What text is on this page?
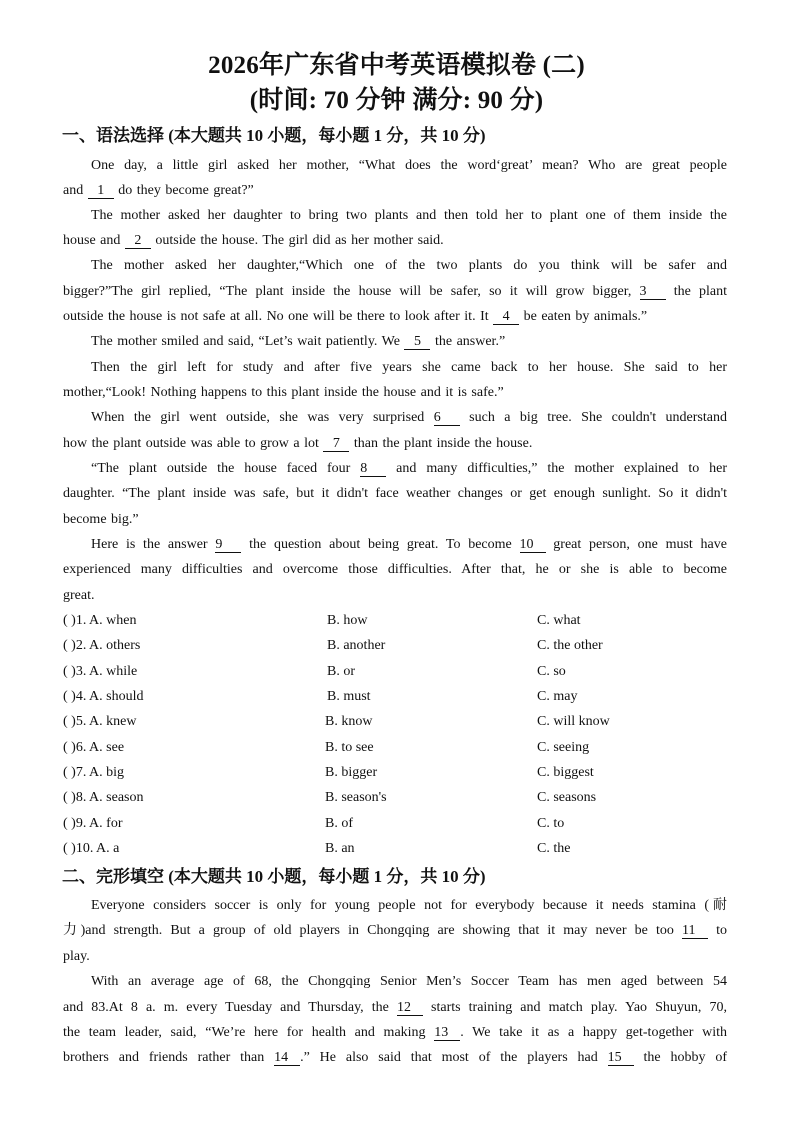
2026年广东省中考英语模拟卷 (二)
(时间: 70 分钟 满分: 90 分)
一、语法选择 (本大题共 10 小题，每小题 1 分，共 10 分)
One day, a little girl asked her mother, “What does the word‘great’ mean? Who are great people
and 1 do they become great?”
The mother asked her daughter to bring two plants and then told her to plant one of them inside the
house and 2 outside the house. The girl did as her mother said.
The mother asked her daughter,“Which one of the two plants do you think will be safer and
bigger?”The girl replied, “The plant inside the house will be safer, so it will grow bigger, 3 the plant
outside the house is not safe at all. No one will be there to look after it. It 4 be eaten by animals.”
The mother smiled and said, “Let’s wait patiently. We 5 the answer.”
Then the girl left for study and after five years she came back to her house. She said to her
mother,“Look! Nothing happens to this plant inside the house and it is safe.”
When the girl went outside, she was very surprised 6 such a big tree. She couldn't understand
how the plant outside was able to grow a lot 7 than the plant inside the house.
“The plant outside the house faced four 8 and many difficulties,” the mother explained to her
daughter. “The plant inside was safe, but it didn't face weather changes or get enough sunlight. So it didn't
become big.”
Here is the answer 9 the question about being great. To become 10 great person, one must have
experienced many difficulties and overcome those difficulties. After that, he or she is able to become
great.
( )1. A. when	B. how	C. what
( )2. A. others	B. another	C. the other
( )3. A. while	B. or	C. so
( )4. A. should	B. must	C. may
( )5. A. knew	B. know	C. will know
( )6. A. see	B. to see	C. seeing
( )7. A. big	B. bigger	C. biggest
( )8. A. season	B. season's	C. seasons
( )9. A. for	B. of	C. to
( )10. A. a	B. an	C. the
二、完形填空 (本大题共 10 小题，每小题 1 分，共 10 分)
Everyone considers soccer is only for young people not for everybody because it needs stamina (耐
力)and strength. But a group of old players in Chongqing are showing that it may never be too 11 to
play.
With an average age of 68, the Chongqing Senior Men’s Soccer Team has men aged between 54
and 83.At 8 a. m. every Tuesday and Thursday, the 12 starts training and match play. Yao Shuyun, 70,
the team leader, said, “We’re here for health and making 13 . We take it as a happy get-together with
brothers and friends rather than 14 .” He also said that most of the players had 15 the hobby of
